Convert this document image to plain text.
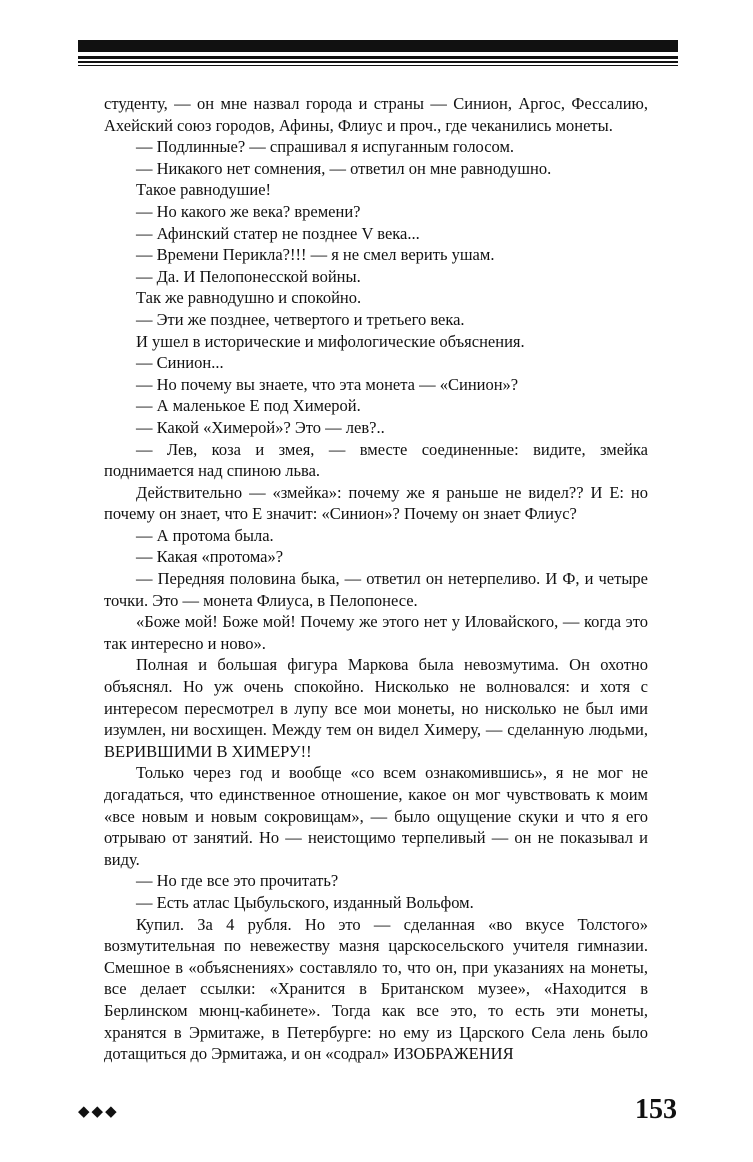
студенту, — он мне назвал города и страны — Синион, Аргос, Фессалию, Ахейский союз городов, Афины, Флиус и проч., где чеканились монеты.

— Подлинные? — спрашивал я испуганным голосом.

— Никакого нет сомнения, — ответил он мне равнодушно.

Такое равнодушие!

— Но какого же века? времени?

— Афинский статер не позднее V века...

— Времени Перикла?!!! — я не смел верить ушам.

— Да. И Пелопонесской войны.

Так же равнодушно и спокойно.

— Эти же позднее, четвертого и третьего века.

И ушел в исторические и мифологические объяснения.

— Синион...

— Но почему вы знаете, что эта монета — «Синион»?

— А маленькое Е под Химерой.

— Какой «Химерой»? Это — лев?..

— Лев, коза и змея, — вместе соединенные: видите, змейка поднимается над спиною льва.

Действительно — «змейка»: почему же я раньше не видел?? И Е: но почему он знает, что Е значит: «Синион»? Почему он знает Флиус?

— А протома была.

— Какая «протома»?

— Передняя половина быка, — ответил он нетерпеливо. И Ф, и четыре точки. Это — монета Флиуса, в Пелопонесе.

«Боже мой! Боже мой! Почему же этого нет у Иловайского, — когда это так интересно и ново».

Полная и большая фигура Маркова была невозмутима. Он охотно объяснял. Но уж очень спокойно. Нисколько не волновался: и хотя с интересом пересмотрел в лупу все мои монеты, но нисколько не был ими изумлен, ни восхищен. Между тем он видел Химеру, — сделанную людьми, ВЕРИВШИМИ В ХИМЕРУ!!

Только через год и вообще «со всем ознакомившись», я не мог не догадаться, что единственное отношение, какое он мог чувствовать к моим «все новым и новым сокровищам», — было ощущение скуки и что я его отрываю от занятий. Но — неистощимо терпеливый — он не показывал и виду.

— Но где все это прочитать?

— Есть атлас Цыбульского, изданный Вольфом.

Купил. За 4 рубля. Но это — сделанная «во вкусе Толстого» возмутительная по невежеству мазня царскосельского учителя гимназии. Смешное в «объяснениях» составляло то, что он, при указаниях на монеты, все делает ссылки: «Хранится в Британском музее», «Находится в Берлинском мюнц-кабинете». Тогда как все это, то есть эти монеты, хранятся в Эрмитаже, в Петербурге: но ему из Царского Села лень было дотащиться до Эрмитажа, и он «содрал» ИЗОБРАЖЕНИЯ

◆◆◆	153
